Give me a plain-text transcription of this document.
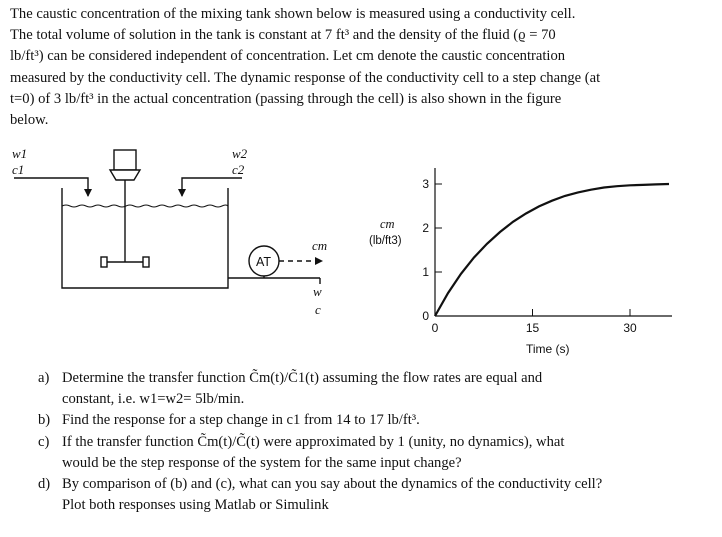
The caustic concentration of the mixing tank shown below is measured using a conductivity cell.
The total volume of solution in the tank is constant at 7 ft³ and the density of the fluid (ϱ = 70
lb/ft³) can be considered independent of concentration. Let cm denote the caustic concentration
measured by the conductivity cell. The dynamic response of the conductivity cell to a step change (at
t=0) of 3 lb/ft³ in the actual concentration (passing through the cell) is also shown in the figure
below.
w1
c1
w2
c2
cm
w
c
AT
0	15	30
0
1
2
3
cm
(lb/ft3)
Time (s)
a) Determine the transfer function C̃m(t)/C̃1(t) assuming the flow rates are equal and
constant, i.e. w1=w2= 5lb/min.
b) Find the response for a step change in c1 from 14 to 17 lb/ft³.
c) If the transfer function C̃m(t)/C̃(t) were approximated by 1 (unity, no dynamics), what
would be the step response of the system for the same input change?
d) By comparison of (b) and (c), what can you say about the dynamics of the conductivity cell?
Plot both responses using Matlab or Simulink
